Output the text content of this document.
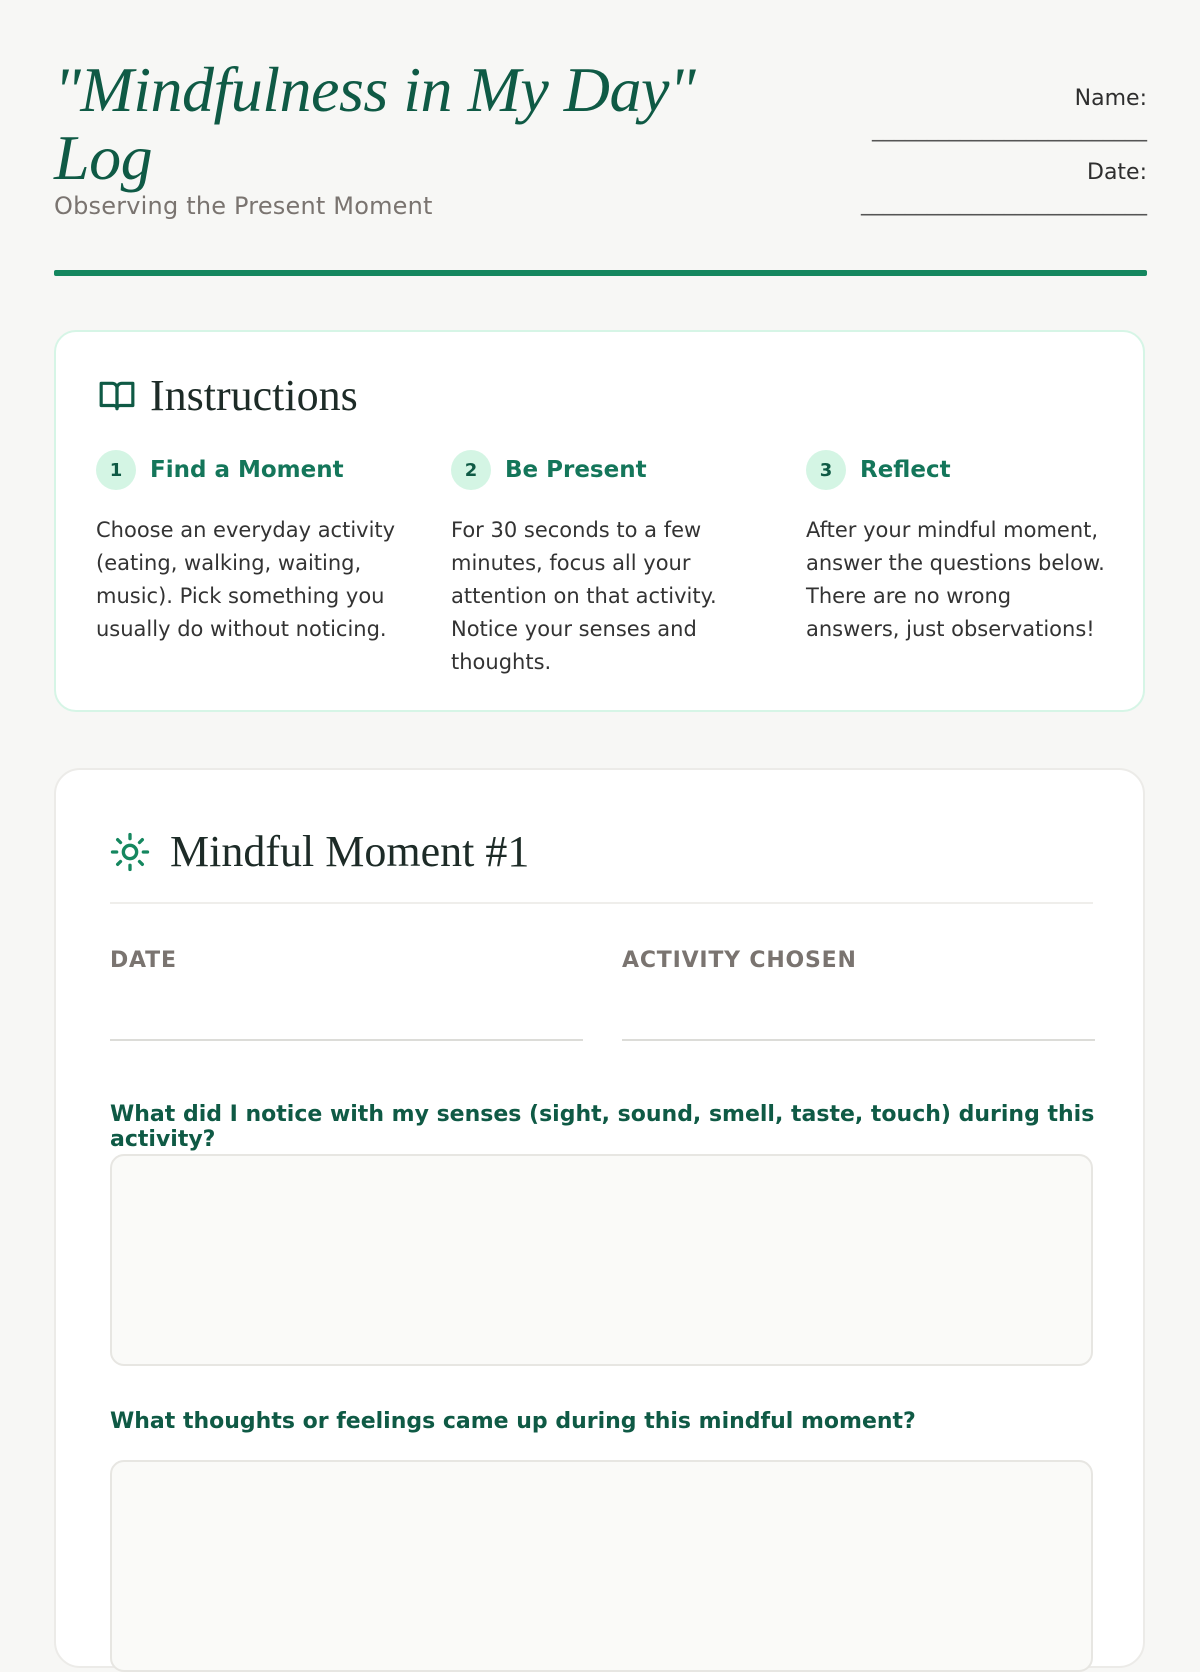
"Mindfulness in My Day" Log
Observing the Present Moment
Name:
_________________________
Date:
__________________________
Instructions
1	Find a Moment

Choose an everyday activity (eating, walking, waiting, music). Pick something you usually do without noticing.

2	Be Present

For 30 seconds to a few minutes, focus all your attention on that activity. Notice your senses and thoughts.

3	Reflect

After your mindful moment, answer the questions below. There are no wrong answers, just observations!

Mindful Moment #1
DATE	ACTIVITY CHOSEN
What did I notice with my senses (sight, sound, smell, taste, touch) during this activity?
What thoughts or feelings came up during this mindful moment?
